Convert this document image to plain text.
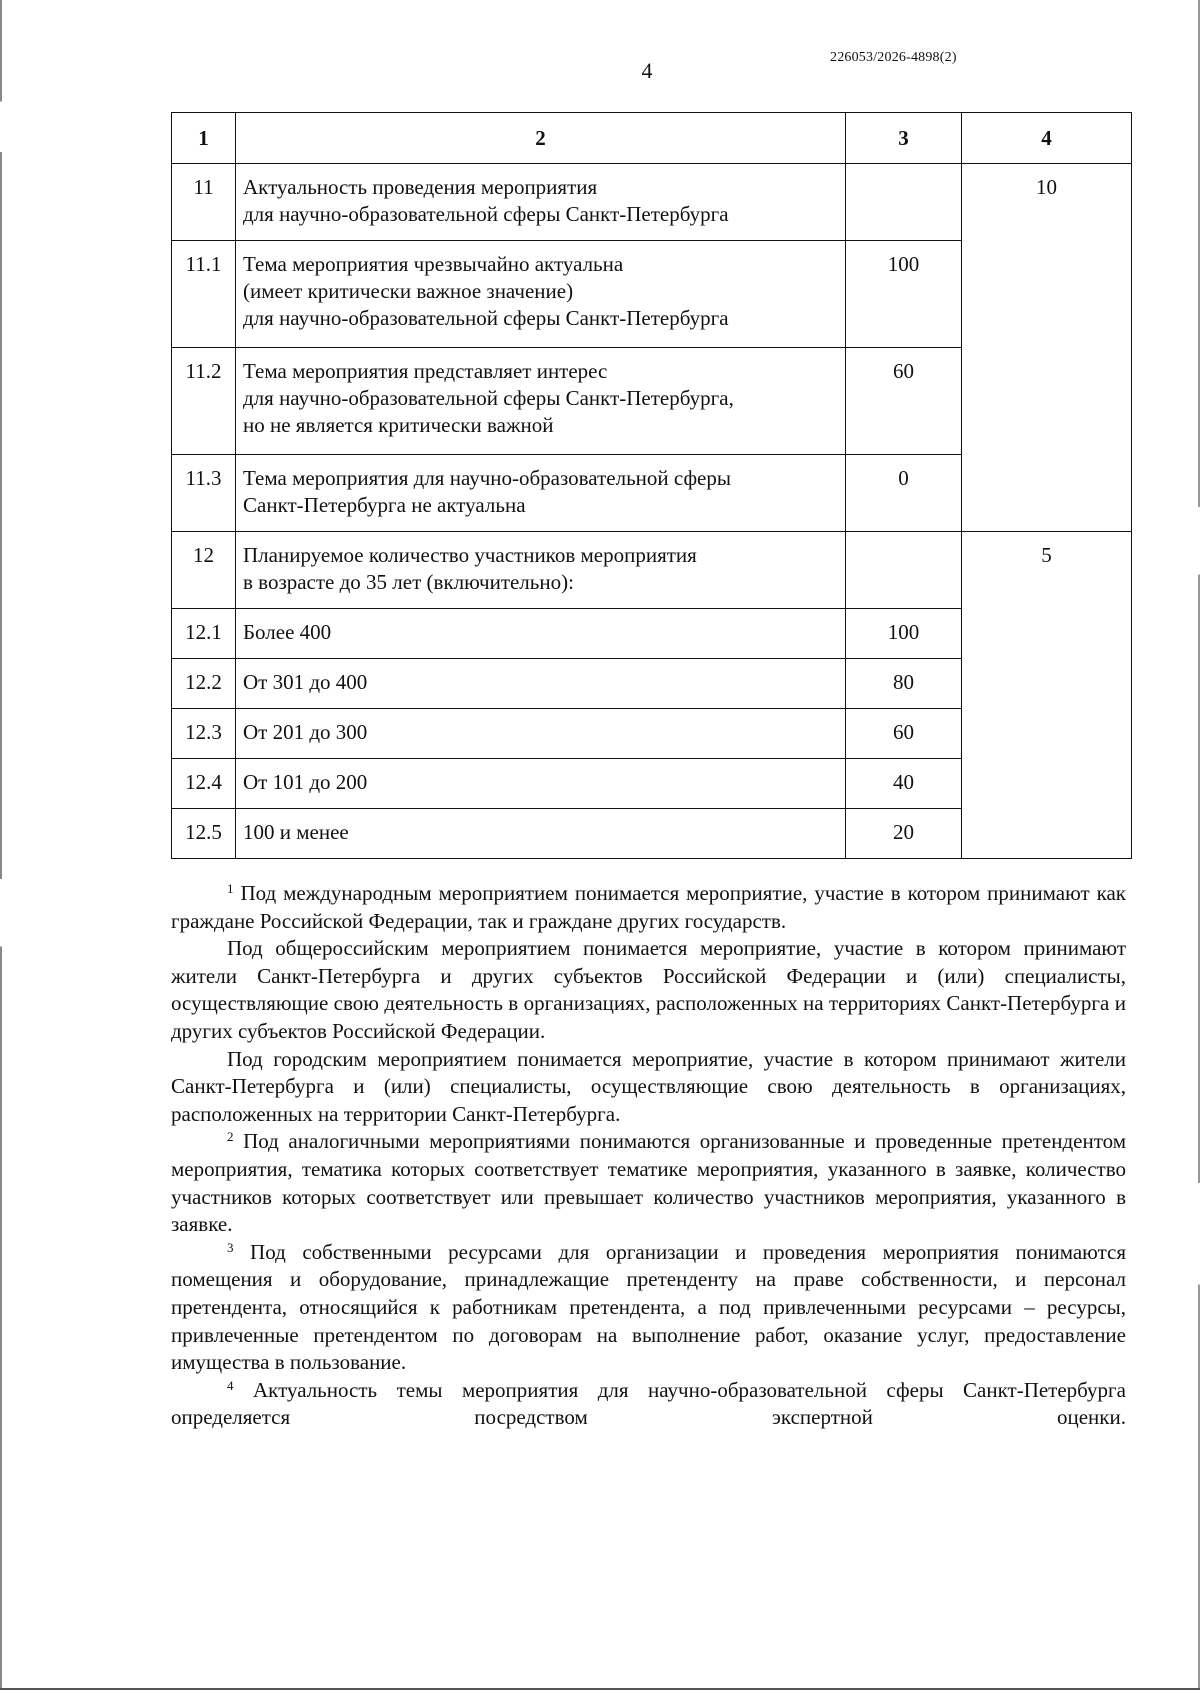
4
226053/2026-4898(2)
1	2	3	4
11	Актуальность проведения мероприятия
для научно-образовательной сферы Санкт-Петербурга		10
11.1	Тема мероприятия чрезвычайно актуальна
(имеет критически важное значение)
для научно-образовательной сферы Санкт-Петербурга	100	
11.2	Тема мероприятия представляет интерес
для научно-образовательной сферы Санкт-Петербурга,
но не является критически важной	60	
11.3	Тема мероприятия для научно-образовательной сферы
Санкт-Петербурга не актуальна	0	
12	Планируемое количество участников мероприятия
в возрасте до 35 лет (включительно):		5
12.1	Более 400	100	
12.2	От 301 до 400	80	
12.3	От 201 до 300	60	
12.4	От 101 до 200	40	
12.5	100 и менее	20	

$^1$ Под международным мероприятием понимается мероприятие, участие в котором принимают как граждане Российской Федерации, так и граждане других государств.

Под общероссийским мероприятием понимается мероприятие, участие в котором принимают жители Санкт-Петербурга и других субъектов Российской Федерации и (или) специалисты, осуществляющие свою деятельность в организациях, расположенных на территориях Санкт-Петербурга и других субъектов Российской Федерации.

Под городским мероприятием понимается мероприятие, участие в котором принимают жители Санкт-Петербурга и (или) специалисты, осуществляющие свою деятельность в организациях, расположенных на территории Санкт-Петербурга.

$^2$ Под аналогичными мероприятиями понимаются организованные и проведенные претендентом мероприятия, тематика которых соответствует тематике мероприятия, указанного в заявке, количество участников которых соответствует или превышает количество участников мероприятия, указанного в заявке.

$^3$ Под собственными ресурсами для организации и проведения мероприятия понимаются помещения и оборудование, принадлежащие претенденту на праве собственности, и персонал претендента, относящийся к работникам претендента, а под привлеченными ресурсами – ресурсы, привлеченные претендентом по договорам на выполнение работ, оказание услуг, предоставление имущества в пользование.

$^4$ Актуальность темы мероприятия для научно-образовательной сферы Санкт-Петербурга определяется посредством экспертной оценки.
